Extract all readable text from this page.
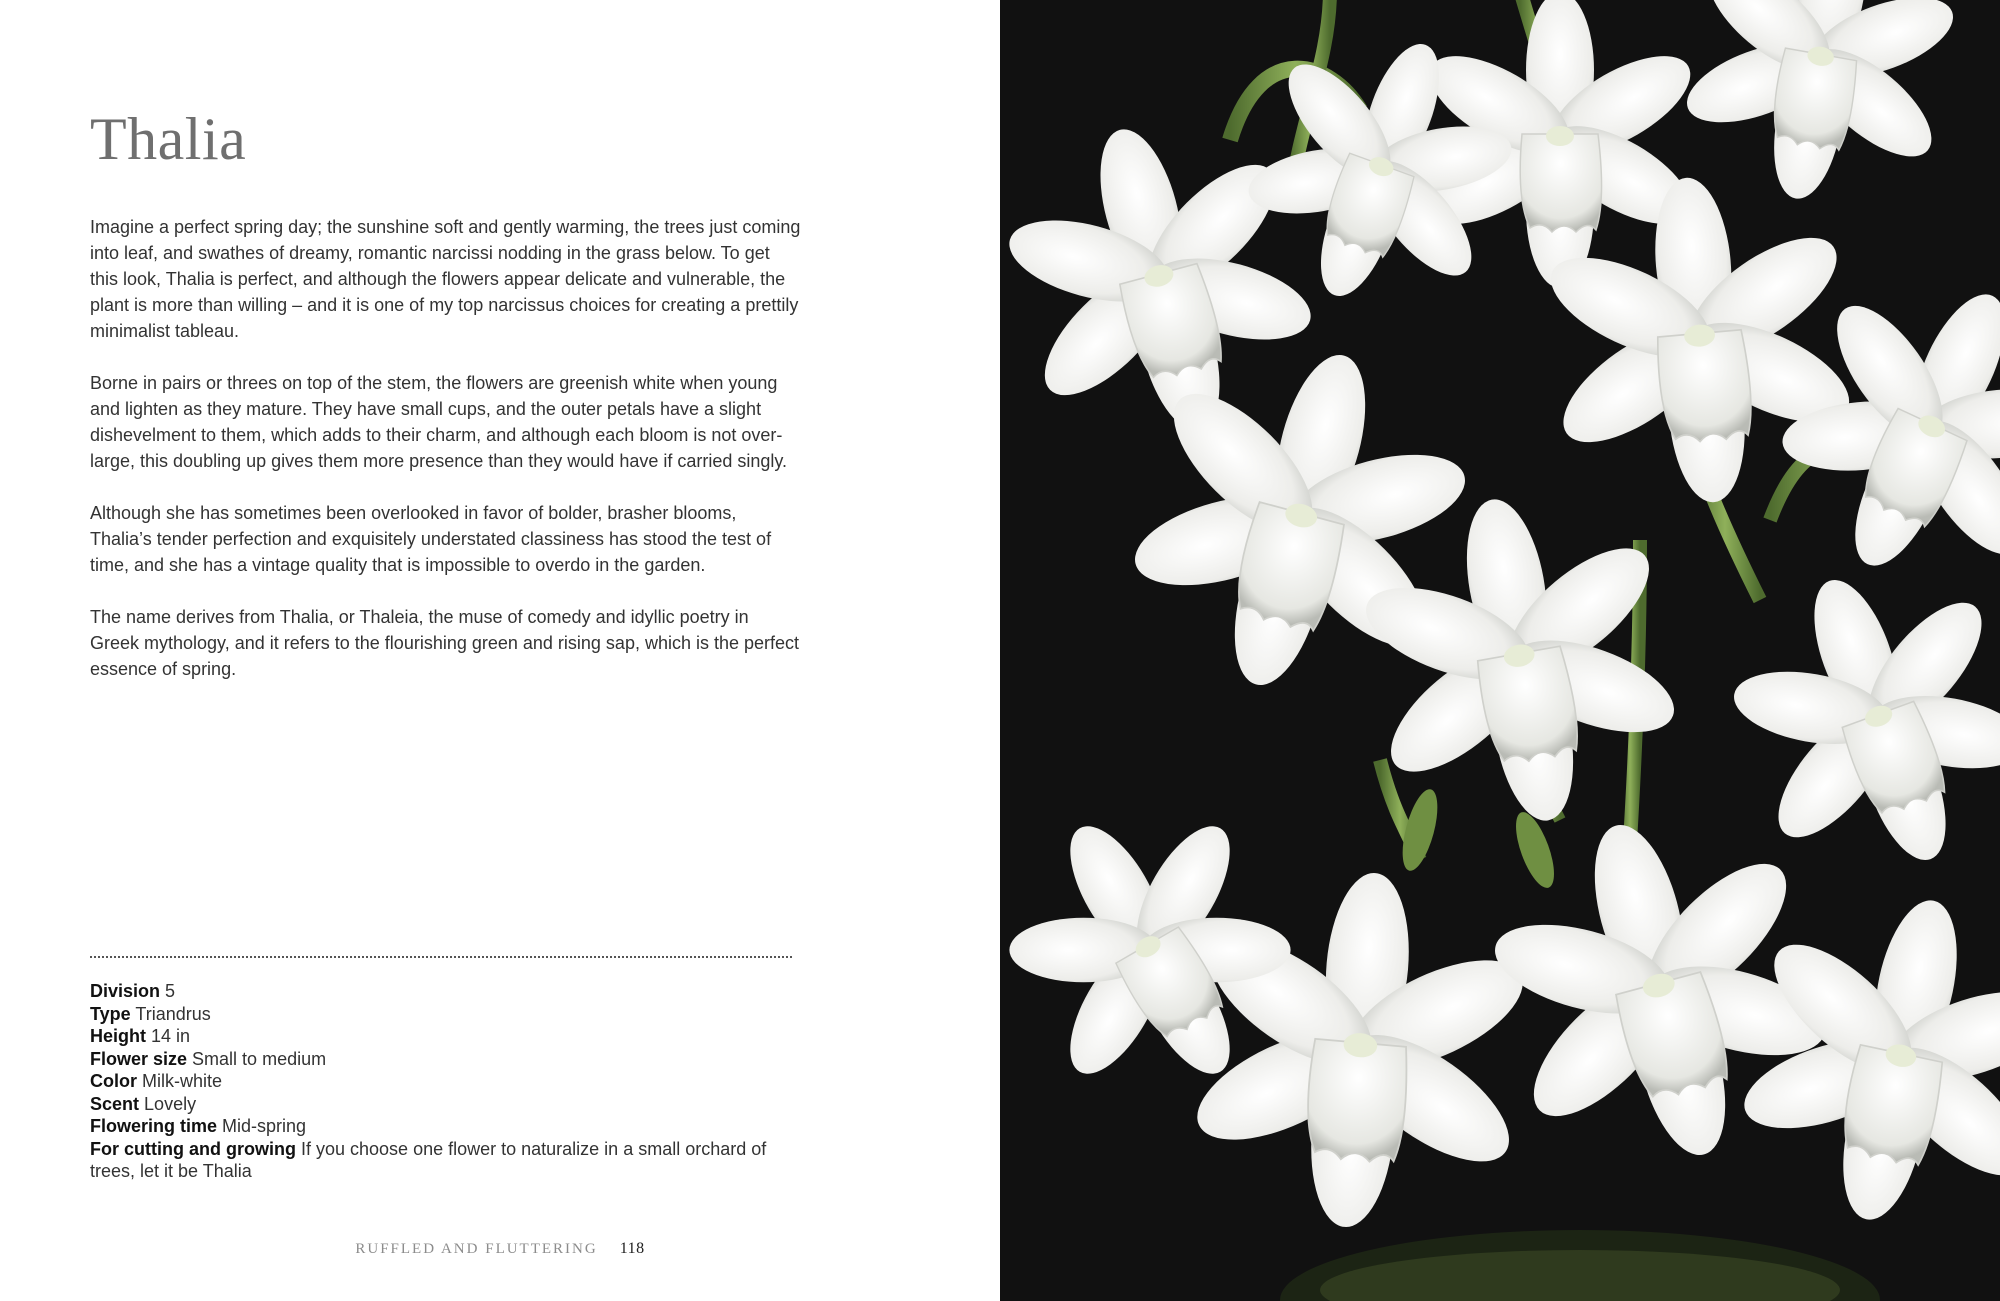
Thalia

Imagine a perfect spring day; the sunshine soft and gently warming, the trees just coming into leaf, and swathes of dreamy, romantic narcissi nodding in the grass below. To get this look, Thalia is perfect, and although the flowers appear delicate and vulnerable, the plant is more than willing – and it is one of my top narcissus choices for creating a prettily minimalist tableau.

Borne in pairs or threes on top of the stem, the flowers are greenish white when young and lighten as they mature. They have small cups, and the outer petals have a slight dishevelment to them, which adds to their charm, and although each bloom is not over-large, this doubling up gives them more presence than they would have if carried singly.

Although she has sometimes been overlooked in favor of bolder, brasher blooms, Thalia’s tender perfection and exquisitely understated classiness has stood the test of time, and she has a vintage quality that is impossible to overdo in the garden.

The name derives from Thalia, or Thaleia, the muse of comedy and idyllic poetry in Greek mythology, and it refers to the flourishing green and rising sap, which is the perfect essence of spring.

Division 5
Type Triandrus
Height 14 in
Flower size Small to medium
Color Milk-white
Scent Lovely
Flowering time Mid-spring
For cutting and growing If you choose one flower to naturalize in a small orchard of trees, let it be Thalia
RUFFLED AND FLUTTERING 118
